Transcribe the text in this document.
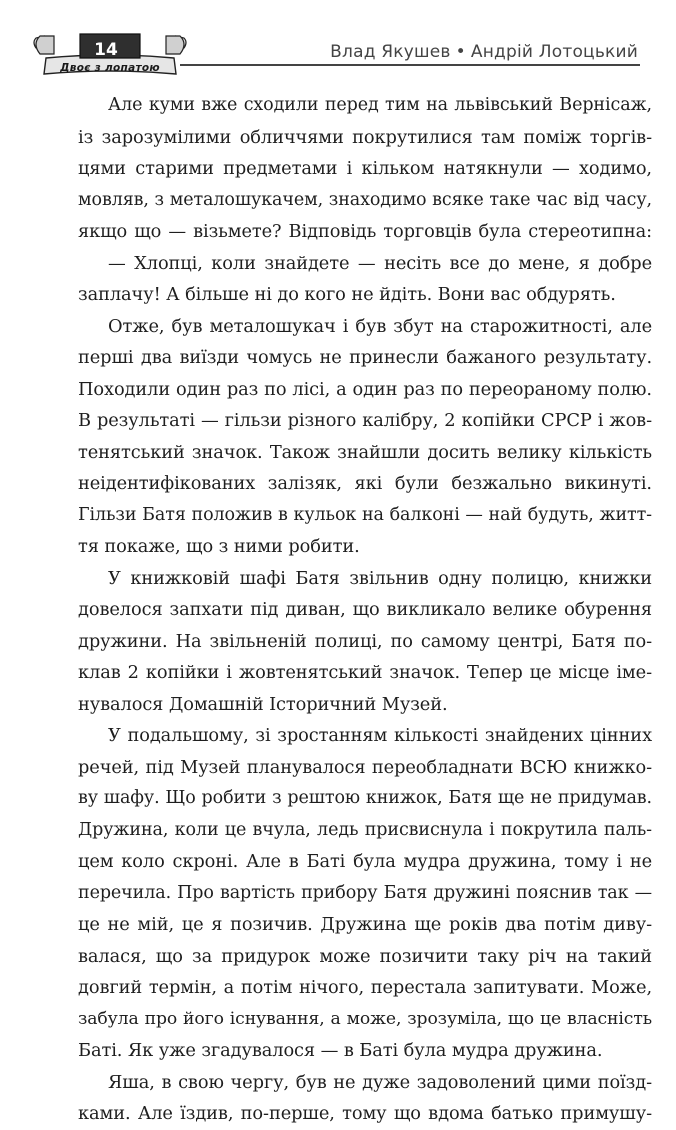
14
Двоє з лопатою
Влад Якушев • Андрій Лотоцький
Але куми вже сходили перед тим на львівський Вернісаж,
із зарозумілими обличчями покрутилися там поміж торгів-
цями старими предметами і кільком натякнули — ходимо,
мовляв, з металошукачем, знаходимо всяке таке час від часу,
якщо що — візьмете? Відповідь торговців була стереотипна:
— Хлопці, коли знайдете — несіть все до мене, я добре
заплачу! А більше ні до кого не йдіть. Вони вас обдурять.
Отже, був металошукач і був збут на старожитності, але
перші два виїзди чомусь не принесли бажаного результату.
Походили один раз по лісі, а один раз по переораному полю.
В результаті — гільзи різного калібру, 2 копійки СРСР і жов-
тенятський значок. Також знайшли досить велику кількість
неідентифікованих залізяк, які були безжально викинуті.
Гільзи Батя положив в кульок на балконі — най будуть, житт-
тя покаже, що з ними робити.
У книжковій шафі Батя звільнив одну полицю, книжки
довелося запхати під диван, що викликало велике обурення
дружини. На звільненій полиці, по самому центрі, Батя по-
клав 2 копійки і жовтенятський значок. Тепер це місце іме-
нувалося Домашній Історичний Музей.
У подальшому, зі зростанням кількості знайдених цінних
речей, під Музей планувалося переобладнати ВСЮ книжко-
ву шафу. Що робити з рештою книжок, Батя ще не придумав.
Дружина, коли це вчула, ледь присвиснула і покрутила паль-
цем коло скроні. Але в Баті була мудра дружина, тому і не
перечила. Про вартість прибору Батя дружині пояснив так —
це не мій, це я позичив. Дружина ще років два потім диву-
валася, що за придурок може позичити таку річ на такий
довгий термін, а потім нічого, перестала запитувати. Може,
забула про його існування, а може, зрозуміла, що це власність
Баті. Як уже згадувалося — в Баті була мудра дружина.
Яша, в свою чергу, був не дуже задоволений цими поїзд-
ками. Але їздив, по-перше, тому що вдома батько примушу-
